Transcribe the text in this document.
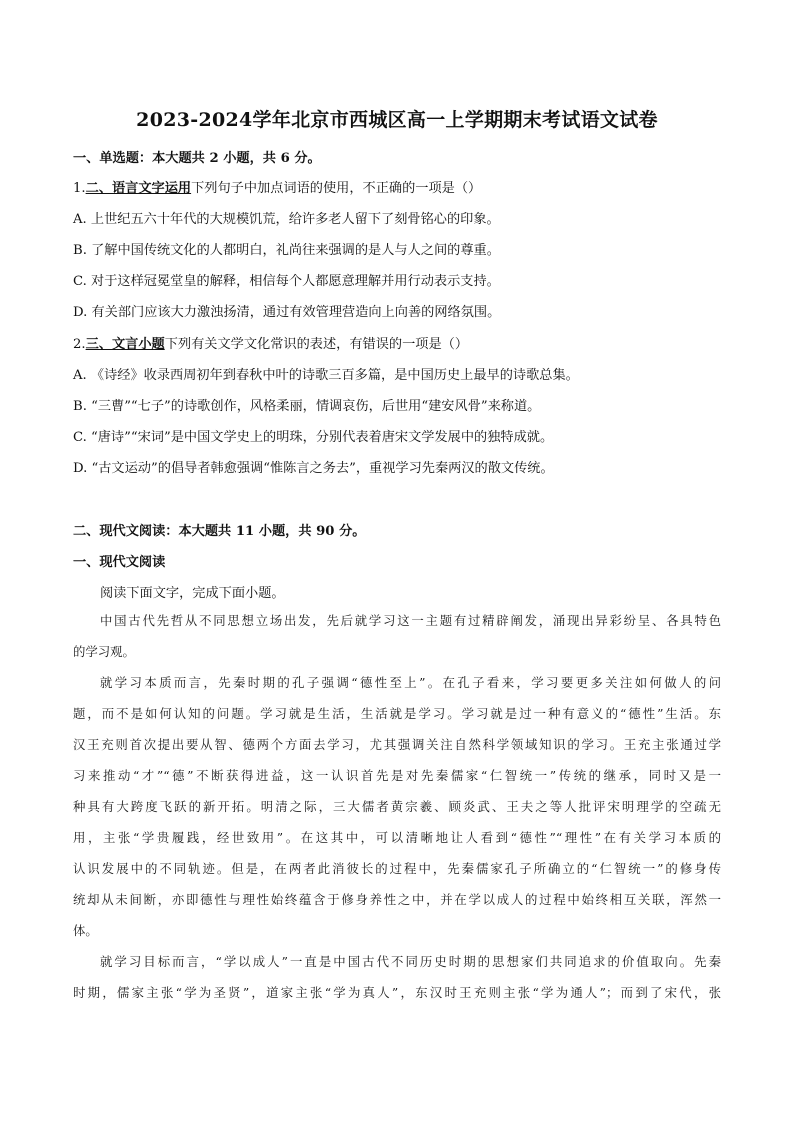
2023-2024学年北京市西城区高一上学期期末考试语文试卷
一、单选题：本大题共 2 小题，共 6 分。
1.二、语言文字运用下列句子中加点词语的使用，不正确的一项是（）
A. 上世纪五六十年代的大规模饥荒，给许多老人留下了刻骨铭心的印象。
B. 了解中国传统文化的人都明白，礼尚往来强调的是人与人之间的尊重。
C. 对于这样冠冕堂皇的解释，相信每个人都愿意理解并用行动表示支持。
D. 有关部门应该大力激浊扬清，通过有效管理营造向上向善的网络氛围。
2.三、文言小题下列有关文学文化常识的表述，有错误的一项是（）
A. 《诗经》收录西周初年到春秋中叶的诗歌三百多篇，是中国历史上最早的诗歌总集。
B. “三曹”“七子”的诗歌创作，风格柔丽，情调哀伤，后世用“建安风骨”来称道。
C. “唐诗”“宋词”是中国文学史上的明珠，分别代表着唐宋文学发展中的独特成就。
D. “古文运动”的倡导者韩愈强调“惟陈言之务去”，重视学习先秦两汉的散文传统。
二、现代文阅读：本大题共 11 小题，共 90 分。
一、现代文阅读
阅读下面文字，完成下面小题。
中国古代先哲从不同思想立场出发，先后就学习这一主题有过精辟阐发，涌现出异彩纷呈、各具特色
的学习观。
就学习本质而言，先秦时期的孔子强调“德性至上”。在孔子看来，学习要更多关注如何做人的问
题，而不是如何认知的问题。学习就是生活，生活就是学习。学习就是过一种有意义的“德性”生活。东
汉王充则首次提出要从智、德两个方面去学习，尤其强调关注自然科学领域知识的学习。王充主张通过学
习来推动“才”“德”不断获得进益，这一认识首先是对先秦儒家“仁智统一”传统的继承，同时又是一
种具有大跨度飞跃的新开拓。明清之际，三大儒者黄宗羲、顾炎武、王夫之等人批评宋明理学的空疏无
用，主张“学贵履践，经世致用”。在这其中，可以清晰地让人看到“德性”“理性”在有关学习本质的
认识发展中的不同轨迹。但是，在两者此消彼长的过程中，先秦儒家孔子所确立的“仁智统一”的修身传
统却从未间断，亦即德性与理性始终蕴含于修身养性之中，并在学以成人的过程中始终相互关联，浑然一
体。
就学习目标而言，“学以成人”一直是中国古代不同历史时期的思想家们共同追求的价值取向。先秦
时期，儒家主张“学为圣贤”，道家主张“学为真人”，东汉时王充则主张“学为通人”；而到了宋代，张
